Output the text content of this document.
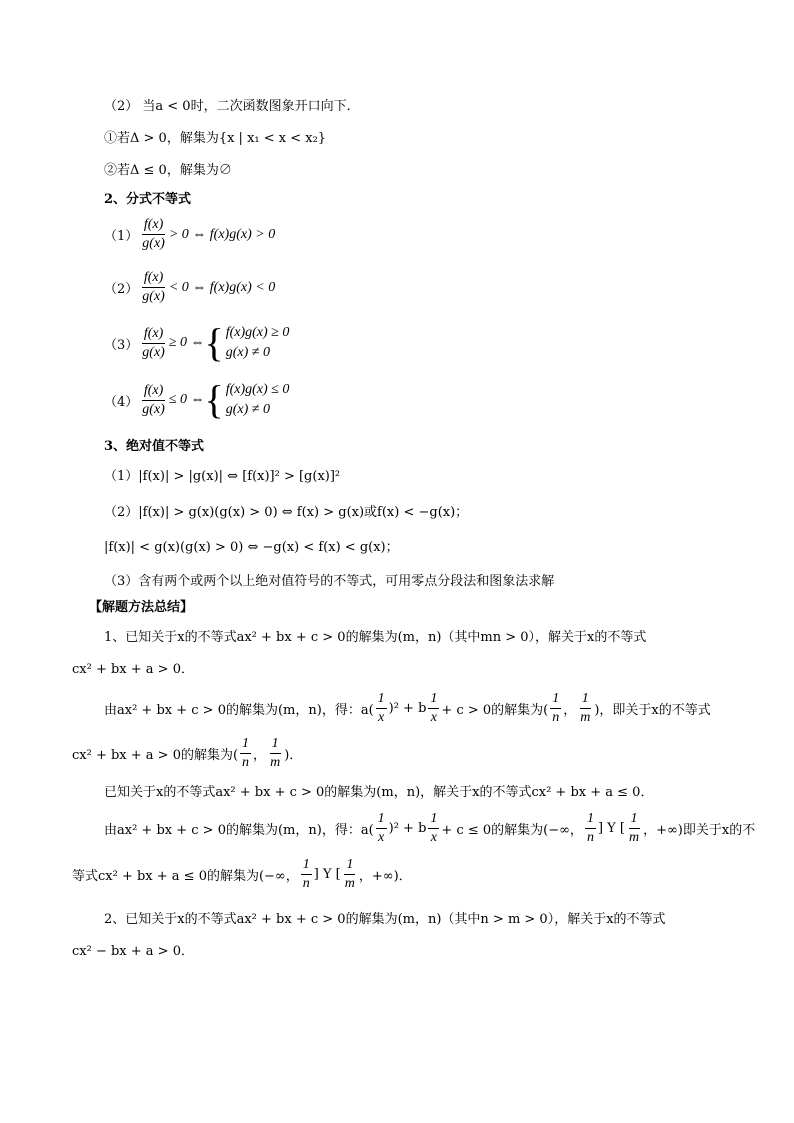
（2） 当a < 0时，二次函数图象开口向下．
①若Δ > 0，解集为{x | x₁ < x < x₂}
②若Δ ≤ 0，解集为∅
2、分式不等式
$(1) \frac{f(x)}{g(x)} > 0$ ⇔ f(x)g(x) > 0
$(2) \frac{f(x)}{g(x)} < 0$ ⇔ f(x)g(x) < 0
$(3) \frac{f(x)}{g(x)} \ge 0$ ⇔ { f(x)g(x) ≥ 0
g(x) ≠ 0
$(4) \frac{f(x)}{g(x)} \le 0$ ⇔ { f(x)g(x) ≤ 0
g(x) ≠ 0
3、绝对值不等式
（1）|f(x)| > |g(x)| ⇔ [f(x)]² > [g(x)]²
（2）|f(x)| > g(x)(g(x) > 0) ⇔ f(x) > g(x)或f(x) < −g(x)；
|f(x)| < g(x)(g(x) > 0) ⇔ −g(x) < f(x) < g(x)；
（3）含有两个或两个以上绝对值符号的不等式，可用零点分段法和图象法求解
【解题方法总结】
1、已知关于x的不等式ax² + bx + c > 0的解集为(m，n)（其中mn > 0），解关于x的不等式
cx² + bx + a > 0．
由ax² + bx + c > 0的解集为(m，n)，得：$a( \frac{1}{x} )^2 + b \frac{1}{x} + c > 0$的解集为( $\frac{1}{n}$ ， $\frac{1}{m}$ )，即关于x的不等式
cx² + bx + a > 0的解集为( $\frac{1}{n}$ ， $\frac{1}{m}$ )．
已知关于x的不等式ax² + bx + c > 0的解集为(m，n)，解关于x的不等式cx² + bx + a ≤ 0．
由ax² + bx + c > 0的解集为(m，n)，得：$a( \frac{1}{x} )^2 + b \frac{1}{x} + c \le 0$的解集为(−∞， $\frac{1}{n}$ ] Y [ $\frac{1}{m}$ ，+∞)即关于x的不
等式cx² + bx + a ≤ 0的解集为(−∞， $\frac{1}{n}$ ] Y [ $\frac{1}{m}$ ，+∞)．
2、已知关于x的不等式ax² + bx + c > 0的解集为(m，n)（其中n > m > 0），解关于x的不等式
cx² − bx + a > 0．
